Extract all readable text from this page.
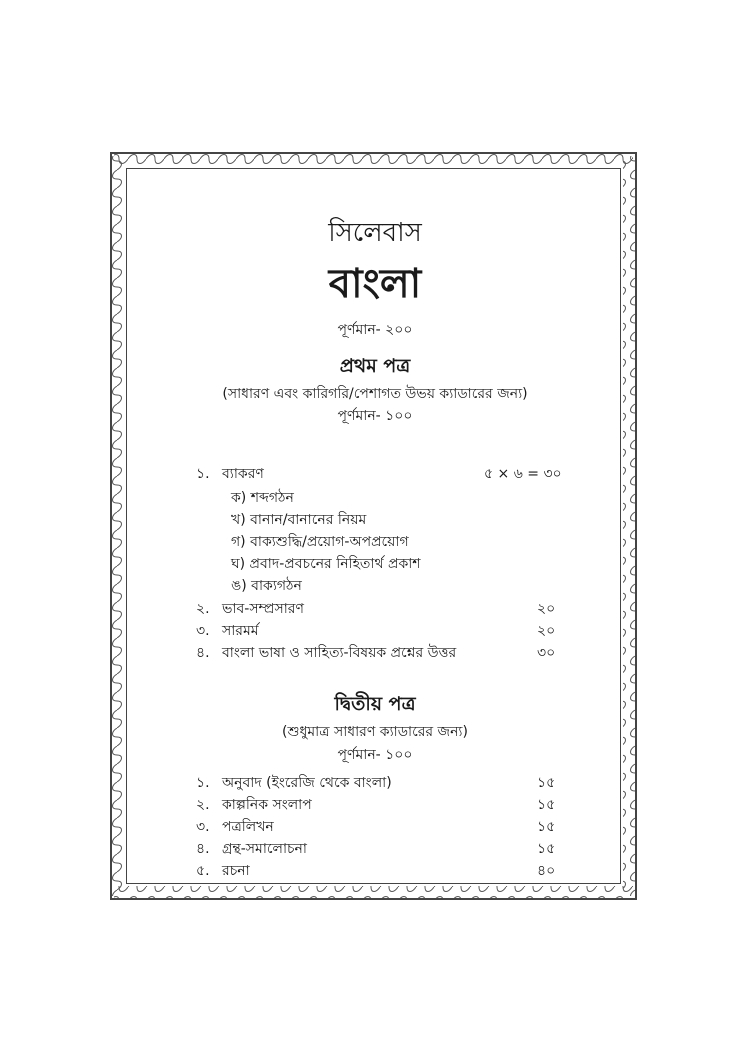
সিলেবাস
বাংলা
পূর্ণমান- ২০০
প্রথম পত্র
(সাধারণ এবং কারিগরি/পেশাগত উভয় ক্যাডারের জন্য)
পূর্ণমান- ১০০
১. ব্যাকরণ	৫ × ৬ = ৩০
ক) শব্দগঠন
খ) বানান/বানানের নিয়ম
গ) বাক্যশুদ্ধি/প্রয়োগ-অপপ্রয়োগ
ঘ) প্রবাদ-প্রবচনের নিহিতার্থ প্রকাশ
ঙ) বাক্যগঠন
২. ভাব-সম্প্রসারণ	২০
৩. সারমর্ম	২০
৪. বাংলা ভাষা ও সাহিত্য-বিষয়ক প্রশ্নের উত্তর	৩০
দ্বিতীয় পত্র
(শুধুমাত্র সাধারণ ক্যাডারের জন্য)
পূর্ণমান- ১০০
১. অনুবাদ (ইংরেজি থেকে বাংলা)	১৫
২. কাল্পনিক সংলাপ	১৫
৩. পত্রলিখন	১৫
৪. গ্রন্থ-সমালোচনা	১৫
৫. রচনা	৪০
